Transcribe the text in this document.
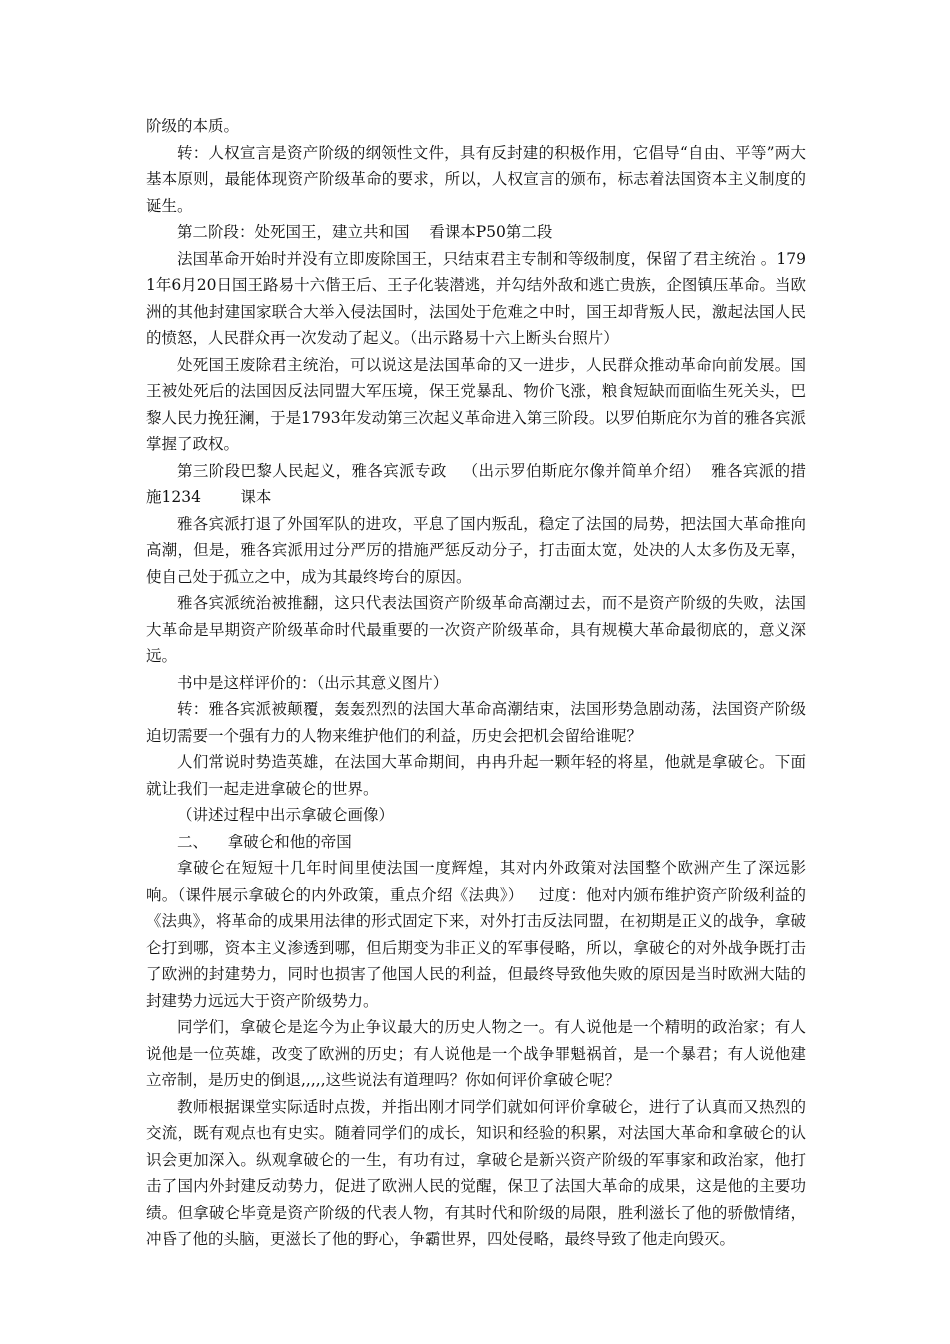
阶级的本质。

转：人权宣言是资产阶级的纲领性文件，具有反封建的积极作用，它倡导“自由、平等”两大基本原则，最能体现资产阶级革命的要求，所以，人权宣言的颁布，标志着法国资本主义制度的诞生。

第二阶段：处死国王，建立共和国    看课本P50第二段

法国革命开始时并没有立即废除国王，只结束君主专制和等级制度，保留了君主统治 。1791年6月20日国王路易十六偕王后、王子化装潜逃，并勾结外敌和逃亡贵族，企图镇压革命。当欧洲的其他封建国家联合大举入侵法国时，法国处于危难之中时，国王却背叛人民，激起法国人民的愤怒，人民群众再一次发动了起义。（出示路易十六上断头台照片）

处死国王废除君主统治，可以说这是法国革命的又一进步，人民群众推动革命向前发展。国王被处死后的法国因反法同盟大军压境，保王党暴乱、物价飞涨，粮食短缺而面临生死关头，巴黎人民力挽狂澜，于是1793年发动第三次起义革命进入第三阶段。以罗伯斯庇尔为首的雅各宾派掌握了政权。

第三阶段巴黎人民起义，雅各宾派专政   （出示罗伯斯庇尔像并简单介绍）  雅各宾派的措施1234        课本

雅各宾派打退了外国军队的进攻，平息了国内叛乱，稳定了法国的局势，把法国大革命推向高潮，但是，雅各宾派用过分严厉的措施严惩反动分子，打击面太宽，处决的人太多伤及无辜，使自己处于孤立之中，成为其最终垮台的原因。

雅各宾派统治被推翻，这只代表法国资产阶级革命高潮过去，而不是资产阶级的失败，法国大革命是早期资产阶级革命时代最重要的一次资产阶级革命，具有规模大革命最彻底的，意义深远。

书中是这样评价的：（出示其意义图片）

转：雅各宾派被颠覆，轰轰烈烈的法国大革命高潮结束，法国形势急剧动荡，法国资产阶级迫切需要一个强有力的人物来维护他们的利益，历史会把机会留给谁呢？

人们常说时势造英雄，在法国大革命期间，冉冉升起一颗年轻的将星，他就是拿破仑。下面就让我们一起走进拿破仑的世界。

（讲述过程中出示拿破仑画像）

二、    拿破仑和他的帝国

拿破仑在短短十几年时间里使法国一度辉煌，其对内外政策对法国整个欧洲产生了深远影响。（课件展示拿破仑的内外政策，重点介绍《法典》）   过度：他对内颁布维护资产阶级利益的《法典》，将革命的成果用法律的形式固定下来，对外打击反法同盟，在初期是正义的战争，拿破仑打到哪，资本主义渗透到哪，但后期变为非正义的军事侵略，所以，拿破仑的对外战争既打击了欧洲的封建势力，同时也损害了他国人民的利益，但最终导致他失败的原因是当时欧洲大陆的封建势力远远大于资产阶级势力。

同学们，拿破仑是迄今为止争议最大的历史人物之一。有人说他是一个精明的政治家；有人说他是一位英雄，改变了欧洲的历史；有人说他是一个战争罪魁祸首，是一个暴君；有人说他建立帝制，是历史的倒退,,,,,这些说法有道理吗？你如何评价拿破仑呢？

教师根据课堂实际适时点拨，并指出刚才同学们就如何评价拿破仑，进行了认真而又热烈的交流，既有观点也有史实。随着同学们的成长，知识和经验的积累，对法国大革命和拿破仑的认识会更加深入。纵观拿破仑的一生，有功有过，拿破仑是新兴资产阶级的军事家和政治家，他打击了国内外封建反动势力，促进了欧洲人民的觉醒，保卫了法国大革命的成果，这是他的主要功绩。但拿破仑毕竟是资产阶级的代表人物，有其时代和阶级的局限，胜利滋长了他的骄傲情绪，冲昏了他的头脑，更滋长了他的野心，争霸世界，四处侵略，最终导致了他走向毁灭。
